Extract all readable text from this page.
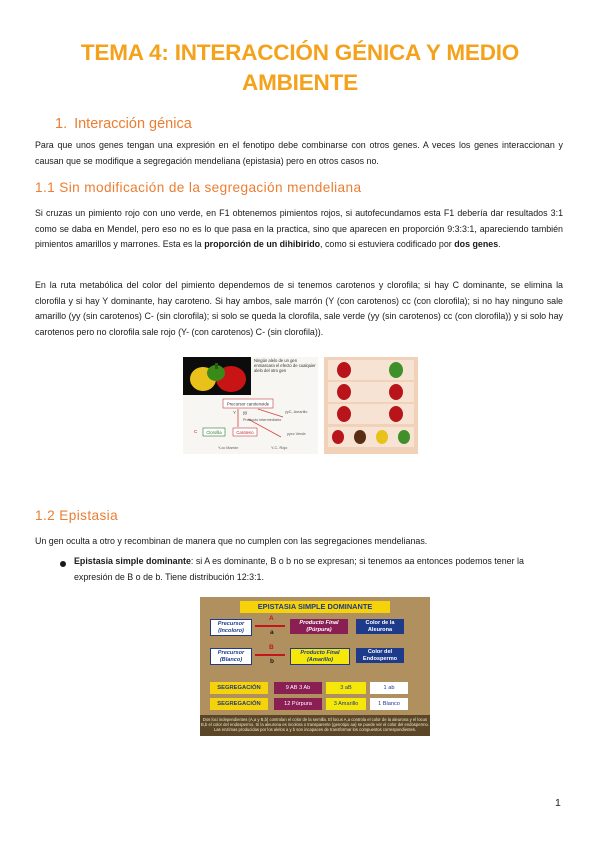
TEMA 4: INTERACCIÓN GÉNICA Y MEDIO
AMBIENTE
1. Interacción génica
Para que unos genes tengan una expresión en el fenotipo debe combinarse con otros genes. A veces los genes interaccionan y causan que se modifique a segregación mendeliana (epistasia) pero en otros casos no.
1.1 Sin modificación de la segregación mendeliana
Si cruzas un pimiento rojo con uno verde, en F1 obtenemos pimientos rojos, si autofecundamos esta F1 debería dar resultados 3:1 como se daba en Mendel, pero eso no es lo que pasa en la practica, sino que aparecen en proporción 9:3:3:1, apareciendo también pimientos amarillos y marrones. Esta es la proporción de un dihibirido, como si estuviera codificado por dos genes.
En la ruta metabólica del color del pimiento dependemos de si tenemos carotenos y clorofila; si hay C dominante, se elimina la clorofila y si hay Y dominante, hay caroteno. Si hay ambos, sale marrón (Y (con carotenos) cc (con clorofila); si no hay ninguno sale amarillo (yy (sin carotenos) C- (sin clorofila); si solo se queda la clorofila, sale verde (yy (sin carotenos) cc (con clorofila)) y si solo hay carotenos pero no clorofila sale rojo (Y- (con carotenos) C- (sin clorofila)).
Ningún alelo de un gen enmascara el efecto de cualquier alelo del otro gen
Precursor carotenoide
Y yy
Producto intermediario
yyC- Amarillo
C Clorofila	Caroteno	yycc Verde
Y-cc Marrón	Y-C- Rojo
1.2 Epistasia
Un gen oculta a otro y recombinan de manera que no cumplen con las segregaciones mendelianas.
Epistasia simple dominante: si A es dominante, B o b no se expresan; si tenemos aa entonces podemos tener la expresión de B o de b. Tiene distribución 12:3:1.
EPISTASIA SIMPLE DOMINANTE
Precursor (Incoloro)
A
a
Producto Final (Púrpura)
Color de la Aleurona
Precursor (Blanco)
B
b
Producto Final (Amarillo)
Color del Endospermo
SEGREGACIÓN	9 AB 3 Ab	3 aB	1 ab
SEGREGACIÓN	12 Púrpura	3 Amarillo	1 Blanco
Dos loci independientes (A,a y B,b) controlan el color de la semilla. El locus A,a controla el color de la aleurona y el locus B,b el color del endospermo. Si la aleurona es incolora o transparente (genotipo aa) se puede ver el color del endospermo. Las enzimas producidas por los alelos a y b son incapaces de transformar los compuestos correspondientes.
1
